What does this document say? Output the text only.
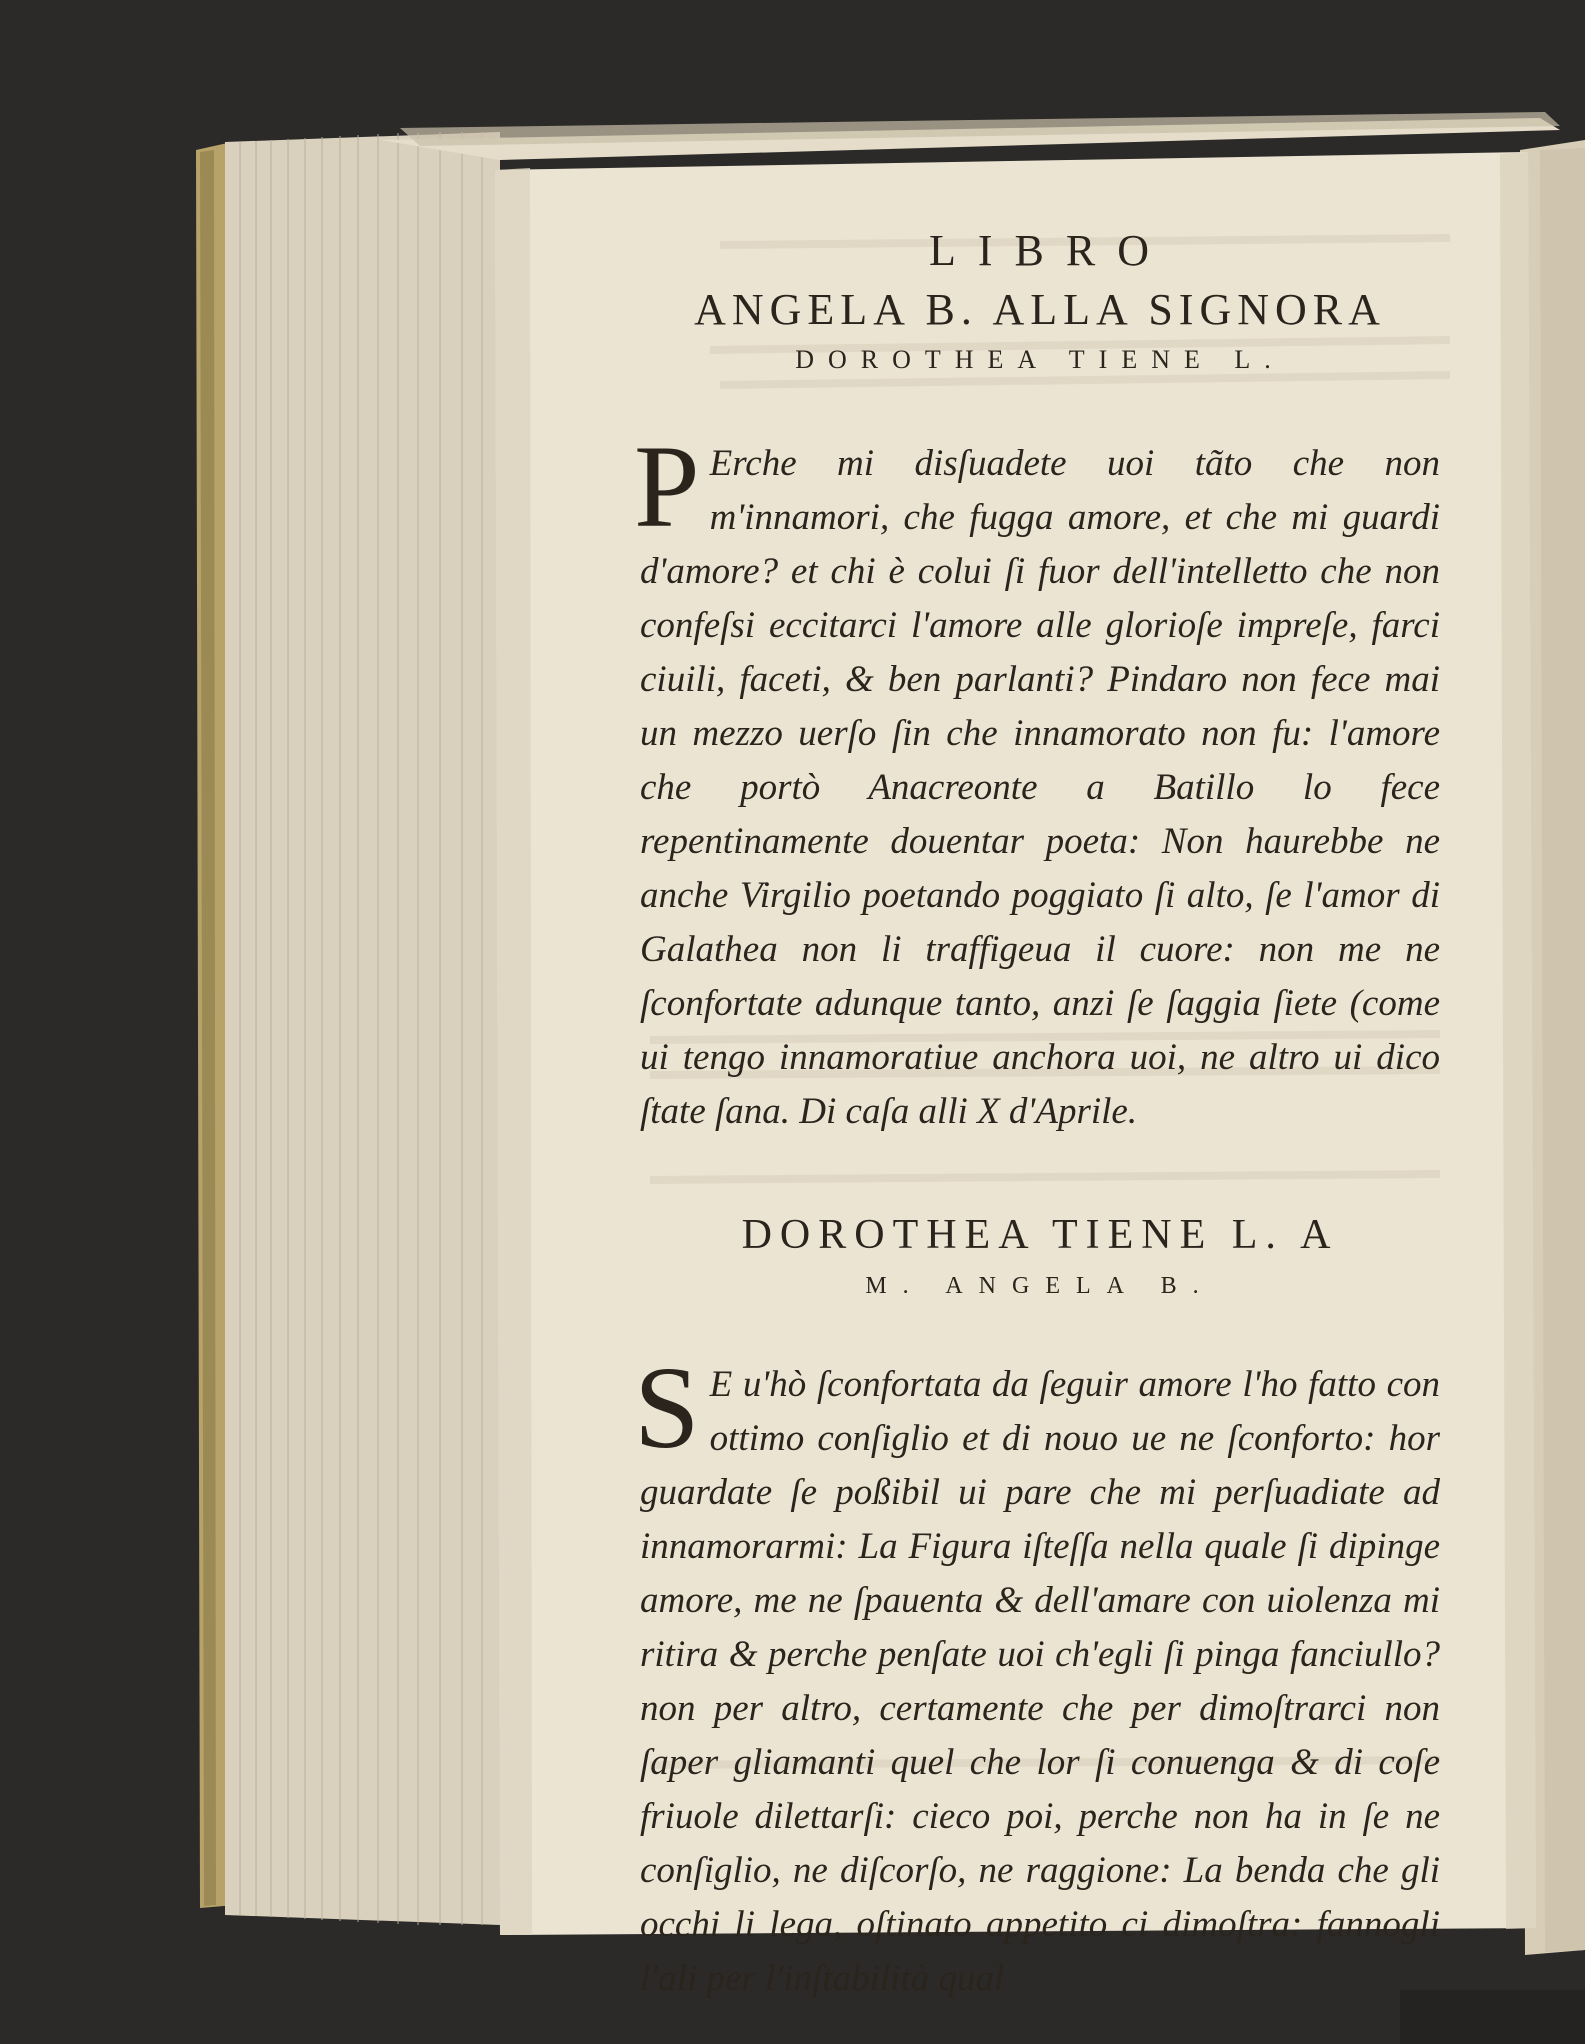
LIBRO
ANGELA B. ALLA SIGNORA
DOROTHEA TIENE L.

P Erche mi disſuadete uoi tãto che non m'innamori, che fugga amore, et che mi guardi d'amore? et chi è colui ſi fuor dell'intelletto che non confeſsi eccitarci l'amore alle glorioſe impreſe, farci ciuili, faceti, & ben parlanti? Pindaro non fece mai un mezzo uerſo ſin che innamorato non fu: l'amore che portò Anacreonte a Batillo lo fece repentinamente douentar poeta: Non haurebbe ne anche Virgilio poetando poggiato ſi alto, ſe l'amor di Galathea non li traffigeua il cuore: non me ne ſconfortate adunque tanto, anzi ſe ſaggia ſiete (come ui tengo innamoratiue anchora uoi, ne altro ui dico ſtate ſana. Di caſa alli X d'Aprile.

DOROTHEA TIENE L. A
M. ANGELA B.

S E u'hò ſconfortata da ſeguir amore l'ho fatto con ottimo conſiglio et di nouo ue ne ſconforto: hor guardate ſe poßibil ui pare che mi perſuadiate ad innamorarmi: La Figura iſteſſa nella quale ſi dipinge amore, me ne ſpauenta & dell'amare con uiolenza mi ritira & perche penſate uoi ch'egli ſi pinga fanciullo? non per altro, certamente che per dimoſtrarci non ſaper gliamanti quel che lor ſi conuenga & di coſe friuole dilettarſi: cieco poi, perche non ha in ſe ne conſiglio, ne diſcorſo, ne raggione: La benda che gli occhi li lega, oſtinato appetito ci dimoſtra: fannogli l'ali per l'inſtabilità qual
